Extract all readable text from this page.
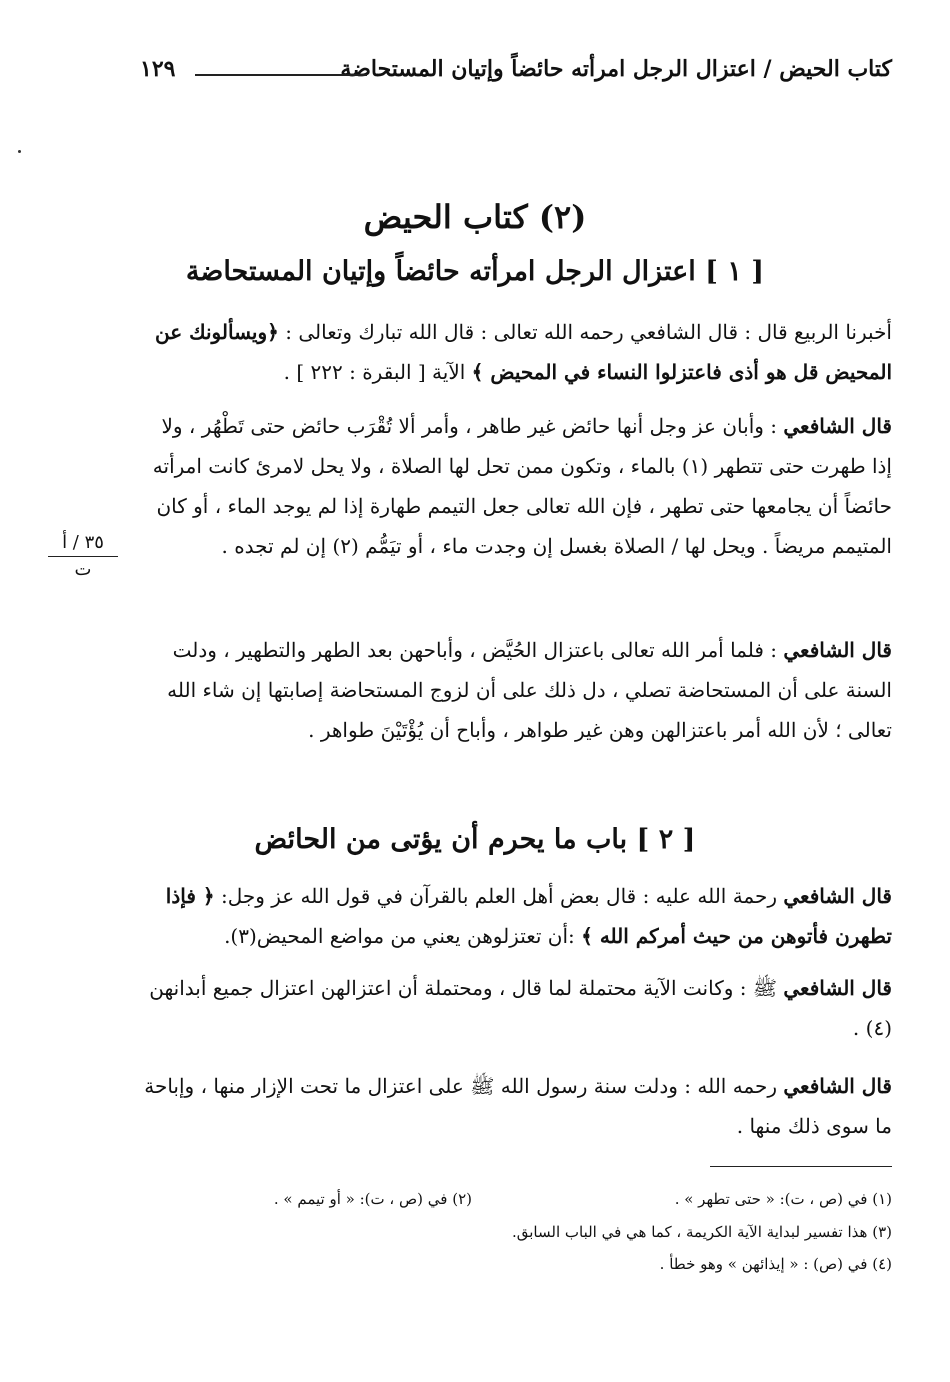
كتاب الحيض / اعتزال الرجل امرأته حائضاً وإتيان المستحاضة
١٢٩
(٢) كتاب الحيض
[ ١ ] اعتزال الرجل امرأته حائضاً وإتيان المستحاضة
أخبرنا الربيع قال : قال الشافعي رحمه الله تعالى : قال الله تبارك وتعالى : ﴿ويسألونك عن المحيض قل هو أذى فاعتزلوا النساء في المحيض ﴾ الآية [ البقرة : ٢٢٢ ] .
قال الشافعي : وأبان عز وجل أنها حائض غير طاهر ، وأمر ألا تُقْرَب حائض حتى تَطْهُر ، ولا إذا طهرت حتى تتطهر (١) بالماء ، وتكون ممن تحل لها الصلاة ، ولا يحل لامرئ كانت امرأته حائضاً أن يجامعها حتى تطهر ، فإن الله تعالى جعل التيمم طهارة إذا لم يوجد الماء ، أو كان المتيمم مريضاً . ويحل لها / الصلاة بغسل إن وجدت ماء ، أو تيَمُّم (٢) إن لم تجده .
٣٥ / أ
ت
قال الشافعي : فلما أمر الله تعالى باعتزال الحُيَّض ، وأباحهن بعد الطهر والتطهير ، ودلت السنة على أن المستحاضة تصلي ، دل ذلك على أن لزوج المستحاضة إصابتها إن شاء الله تعالى ؛ لأن الله أمر باعتزالهن وهن غير طواهر ، وأباح أن يُؤْتَيْنَ طواهر .
[ ٢ ] باب ما يحرم أن يؤتى من الحائض
قال الشافعي رحمة الله عليه : قال بعض أهل العلم بالقرآن في قول الله عز وجل: ﴿ فإذا تطهرن فأتوهن من حيث أمركم الله ﴾ :أن تعتزلوهن يعني من مواضع المحيض(٣).
قال الشافعي ﷺ : وكانت الآية محتملة لما قال ، ومحتملة أن اعتزالهن اعتزال جميع أبدانهن (٤) .
قال الشافعي رحمه الله : ودلت سنة رسول الله ﷺ على اعتزال ما تحت الإزار منها ، وإباحة ما سوى ذلك منها .
(١) في (ص ، ت): « حتى تطهر » .
(٢) في (ص ، ت): « أو تيمم » .
(٣) هذا تفسير لبداية الآية الكريمة ، كما هي في الباب السابق.
(٤) في (ص) : « إيذائهن » وهو خطأ .
